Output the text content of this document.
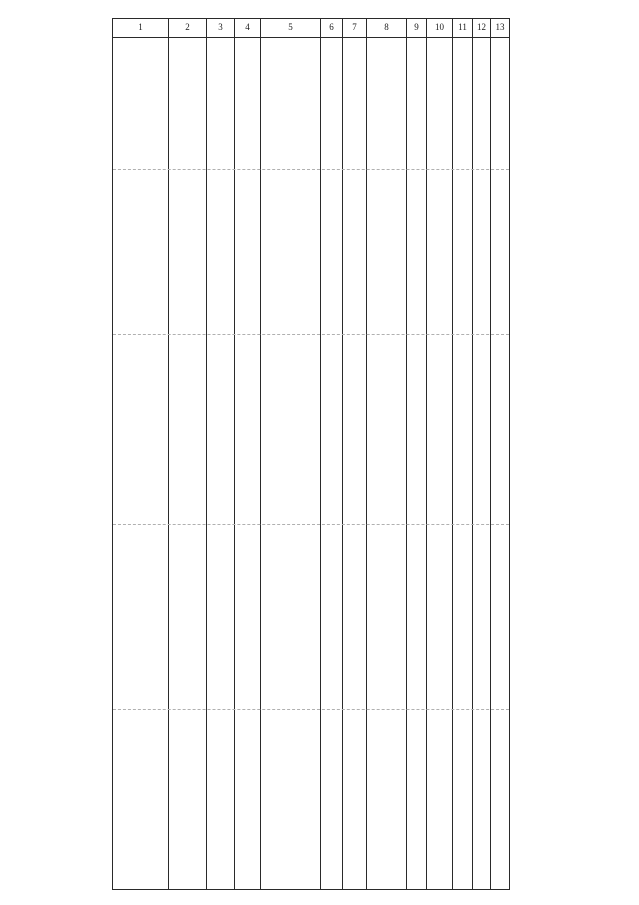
1	2	3	4	5	6	7	8	9	10	11	12	13
